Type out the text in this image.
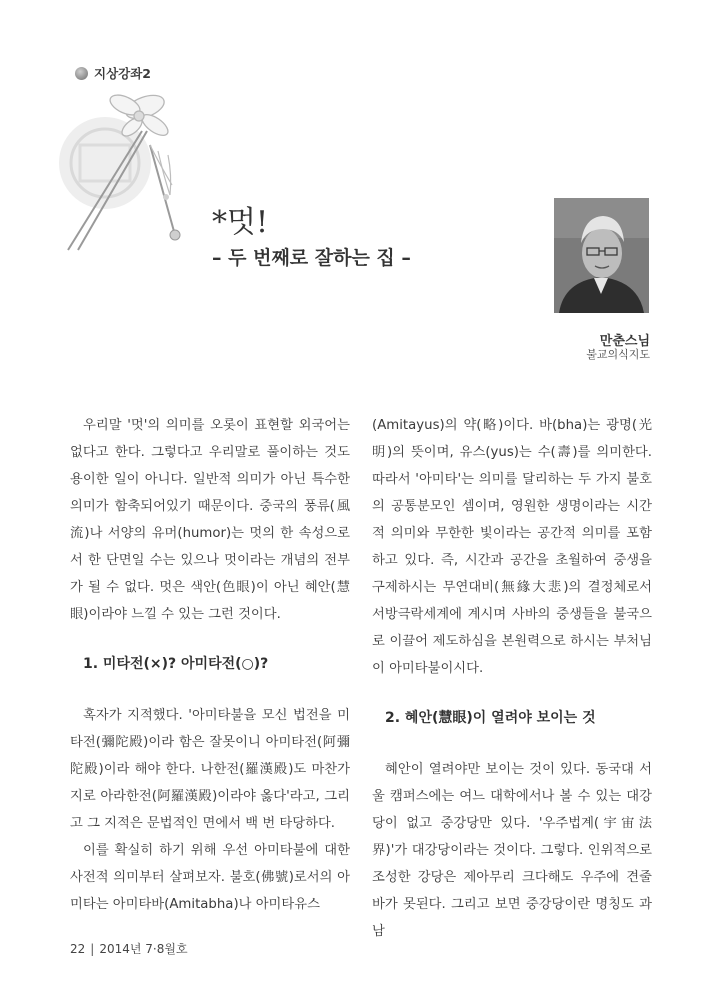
지상강좌2
*멋!
– 두 번째로 잘하는 집 –
만춘스님
불교의식지도

우리말 '멋'의 의미를 오롯이 표현할 외국어는 없다고 한다. 그렇다고 우리말로 풀이하는 것도 용이한 일이 아니다. 일반적 의미가 아닌 특수한 의미가 함축되어있기 때문이다. 중국의 풍류(風流)나 서양의 유머(humor)는 멋의 한 속성으로서 한 단면일 수는 있으나 멋이라는 개념의 전부가 될 수 없다. 멋은 색안(色眼)이 아닌 혜안(慧眼)이라야 느낄 수 있는 그런 것이다.

1. 미타전(×)? 아미타전(○)?

혹자가 지적했다. '아미타불을 모신 법전을 미타전(彌陀殿)이라 함은 잘못이니 아미타전(阿彌陀殿)이라 해야 한다. 나한전(羅漢殿)도 마찬가지로 아라한전(阿羅漢殿)이라야 옳다'라고, 그리고 그 지적은 문법적인 면에서 백 번 타당하다.

이를 확실히 하기 위해 우선 아미타불에 대한 사전적 의미부터 살펴보자. 불호(佛號)로서의 아미타는 아미타바(Amitabha)나 아미타유스

(Amitayus)의 약(略)이다. 바(bha)는 광명(光明)의 뜻이며, 유스(yus)는 수(壽)를 의미한다. 따라서 '아미타'는 의미를 달리하는 두 가지 불호의 공통분모인 셈이며, 영원한 생명이라는 시간적 의미와 무한한 빛이라는 공간적 의미를 포함하고 있다. 즉, 시간과 공간을 초월하여 중생을 구제하시는 무연대비(無緣大悲)의 결정체로서 서방극락세계에 계시며 사바의 중생들을 불국으로 이끌어 제도하심을 본원력으로 하시는 부처님이 아미타불이시다.

2. 혜안(慧眼)이 열려야 보이는 것

혜안이 열려야만 보이는 것이 있다. 동국대 서울 캠퍼스에는 여느 대학에서나 볼 수 있는 대강당이 없고 중강당만 있다. '우주법계(宇宙法界)'가 대강당이라는 것이다. 그렇다. 인위적으로 조성한 강당은 제아무리 크다해도 우주에 견줄 바가 못된다. 그리고 보면 중강당이란 명칭도 과남

22 | 2014년 7·8월호
